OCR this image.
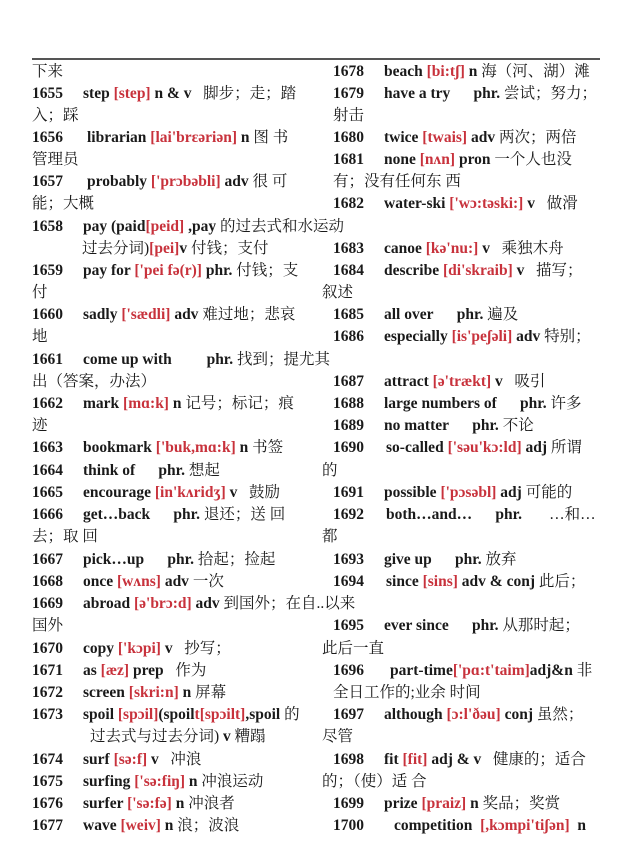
下来	1678 beach [bi:tʃ] n 海（河、湖）滩
1655 step [step] n & v   脚步；走；踏 1679 have a try      phr. 尝试；努力；
入；踩	射击
1656 librarian [lai'brɛəriən] n 图 书	1680 twice [twais] adv 两次；两倍
管理员	1681 none [nʌn] pron 一个人也没
1657 probably ['prɔbəbli] adv 很 可	有；没有任何东 西
能；大概	1682 water-ski ['wɔ:təski:] v   做滑
1658 pay (paid[peid] ,pay 的过去式和水运动
过去分词)[pei]v 付钱；支付	1683 canoe [kə'nu:] v   乘独木舟
1659 pay for ['pei fə(r)] phr. 付钱；支 1684 describe [di'skraib] v   描写；
付	叙述
1660 sadly ['sædli] adv 难过地；悲哀 1685 all over      phr. 遍及
地	1686 especially [is'peʃəli] adv 特别；
1661 come up with         phr. 找到；提尤其
出（答案，办法）	1687 attract [ə'trækt] v   吸引
1662 mark [mɑ:k] n 记号；标记；痕	1688 large numbers of      phr. 许多
迹	1689 no matter      phr. 不论
1663 bookmark ['buk,mɑ:k] n 书签	1690 so-called ['səu'kɔ:ld] adj 所谓
1664 think of      phr. 想起	的
1665 encourage [in'kʌridʒ] v   鼓励	1691 possible ['pɔsəbl] adj 可能的
1666 get…back      phr. 退还；送 回	1692 both…and…      phr.       …和…
去；取 回	都
1667 pick…up      phr. 拾起；捡起	1693 give up      phr. 放弃
1668 once [wʌns] adv 一次	1694 since [sins] adv & conj 此后；
1669 abroad [ə'brɔ:d] adv 到国外；在自..以来
国外	1695 ever since      phr. 从那时起；
1670 copy ['kɔpi] v   抄写；	此后一直
1671 as [æz] prep   作为	1696 part-time['pɑ:t'taim]adj&n 非
1672 screen [skri:n] n 屏幕	全日工作的;业余 时间
1673 spoil [spɔil](spoilt[spɔilt],spoil 的 1697 although [ɔ:l'ðəu] conj 虽然；
过去式与过去分词) v 糟蹋	尽管
1674 surf [sə:f] v   冲浪	1698 fit [fit] adj & v   健康的；适合
1675 surfing ['sə:fiŋ] n 冲浪运动	的；（使）适 合
1676 surfer ['sə:fə] n 冲浪者	1699 prize [praiz] n 奖品；奖赏
1677 wave [weiv] n 浪；波浪	1700 competition  [,kɔmpi'tiʃən]  n
